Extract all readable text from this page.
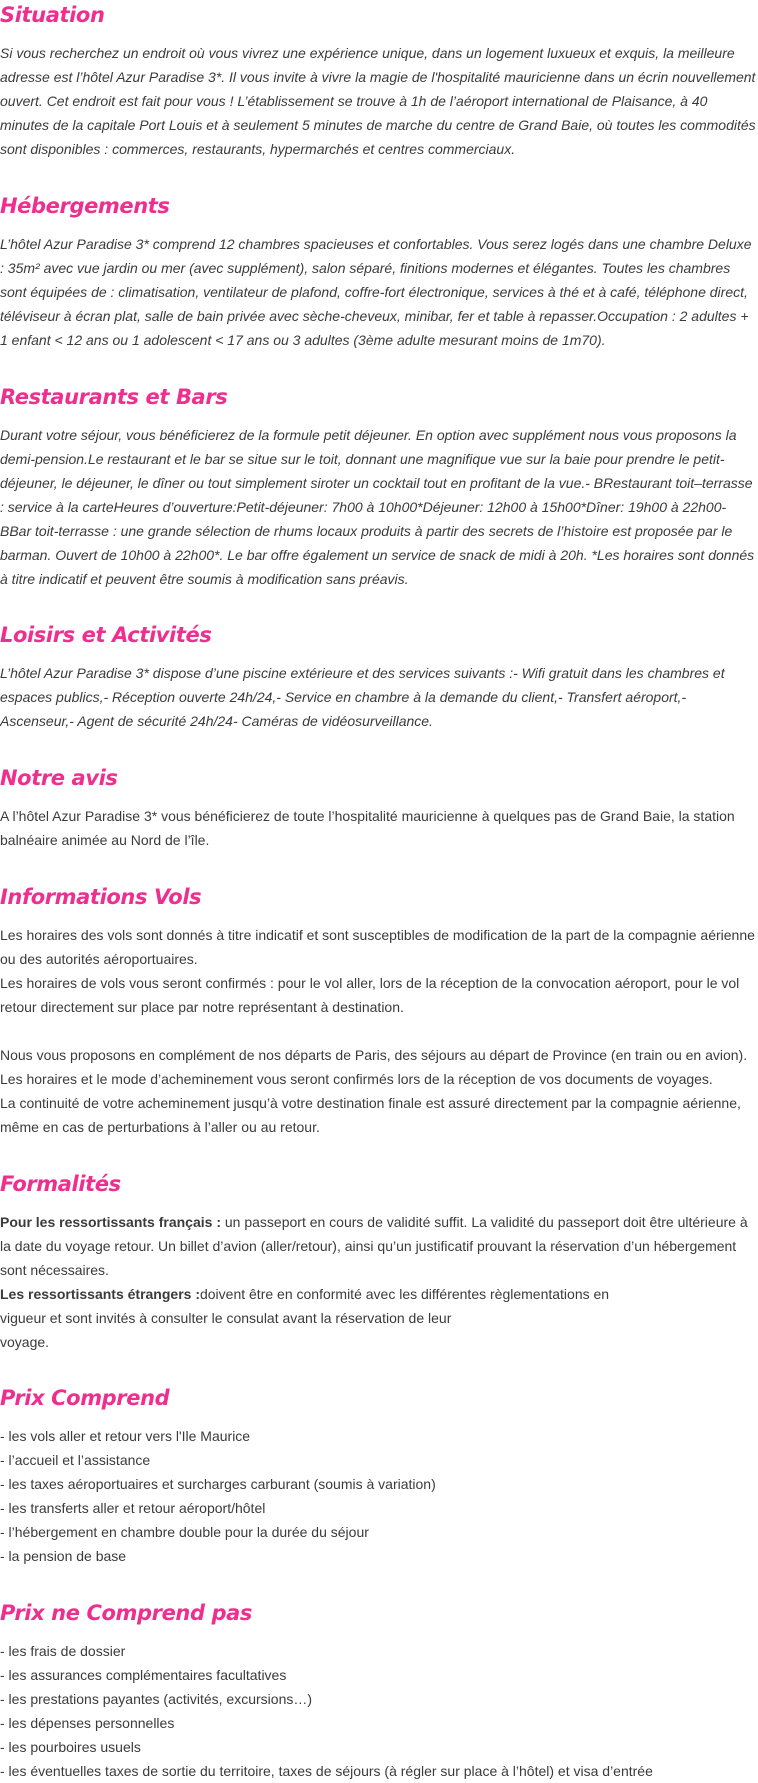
Situation

Si vous recherchez un endroit où vous vivrez une expérience unique, dans un logement luxueux et exquis, la meilleure adresse est l’hôtel Azur Paradise 3*. Il vous invite à vivre la magie de l'hospitalité mauricienne dans un écrin nouvellement ouvert. Cet endroit est fait pour vous ! L’établissement se trouve à 1h de l’aéroport international de Plaisance, à 40 minutes de la capitale Port Louis et à seulement 5 minutes de marche du centre de Grand Baie, où toutes les commodités sont disponibles : commerces, restaurants, hypermarchés et centres commerciaux.

Hébergements

L’hôtel Azur Paradise 3* comprend 12 chambres spacieuses et confortables. Vous serez logés dans une chambre Deluxe : 35m² avec vue jardin ou mer (avec supplément), salon séparé, finitions modernes et élégantes. Toutes les chambres sont équipées de : climatisation, ventilateur de plafond, coffre-fort électronique, services à thé et à café, téléphone direct, téléviseur à écran plat, salle de bain privée avec sèche-cheveux, minibar, fer et table à repasser.Occupation : 2 adultes + 1 enfant < 12 ans ou 1 adolescent < 17 ans ou 3 adultes (3ème adulte mesurant moins de 1m70).

Restaurants et Bars

Durant votre séjour, vous bénéficierez de la formule petit déjeuner. En option avec supplément nous vous proposons la demi-pension.Le restaurant et le bar se situe sur le toit, donnant une magnifique vue sur la baie pour prendre le petit-déjeuner, le déjeuner, le dîner ou tout simplement siroter un cocktail tout en profitant de la vue.- BRestaurant toit–terrasse : service à la carteHeures d’ouverture:Petit-déjeuner: 7h00 à 10h00*Déjeuner: 12h00 à 15h00*Dîner: 19h00 à 22h00- BBar toit-terrasse : une grande sélection de rhums locaux produits à partir des secrets de l’histoire est proposée par le barman. Ouvert de 10h00 à 22h00*. Le bar offre également un service de snack de midi à 20h. *Les horaires sont donnés à titre indicatif et peuvent être soumis à modification sans préavis.

Loisirs et Activités

L’hôtel Azur Paradise 3* dispose d’une piscine extérieure et des services suivants :- Wifi gratuit dans les chambres et espaces publics,- Réception ouverte 24h/24,- Service en chambre à la demande du client,- Transfert aéroport,- Ascenseur,- Agent de sécurité 24h/24- Caméras de vidéosurveillance.

Notre avis

A l’hôtel Azur Paradise 3* vous bénéficierez de toute l’hospitalité mauricienne à quelques pas de Grand Baie, la station balnéaire animée au Nord de l’île.

Informations Vols

Les horaires des vols sont donnés à titre indicatif et sont susceptibles de modification de la part de la compagnie aérienne ou des autorités aéroportuaires.

Les horaires de vols vous seront confirmés : pour le vol aller, lors de la réception de la convocation aéroport, pour le vol retour directement sur place par notre représentant à destination.

Nous vous proposons en complément de nos départs de Paris, des séjours au départ de Province (en train ou en avion).

Les horaires et le mode d’acheminement vous seront confirmés lors de la réception de vos documents de voyages.

La continuité de votre acheminement jusqu’à votre destination finale est assuré directement par la compagnie aérienne, même en cas de perturbations à l’aller ou au retour.

Formalités

Pour les ressortissants français : un passeport en cours de validité suffit. La validité du passeport doit être ultérieure à la date du voyage retour. Un billet d’avion (aller/retour), ainsi qu’un justificatif prouvant la réservation d’un hébergement sont nécessaires.

Les ressortissants étrangers :doivent être en conformité avec les différentes règlementations en vigueur et sont invités à consulter le consulat avant la réservation de leur

voyage.

Prix Comprend
- les vols aller et retour vers l'Ile Maurice
- l’accueil et l’assistance
- les taxes aéroportuaires et surcharges carburant (soumis à variation)
- les transferts aller et retour aéroport/hôtel
- l’hébergement en chambre double pour la durée du séjour
- la pension de base
Prix ne Comprend pas
- les frais de dossier
- les assurances complémentaires facultatives
- les prestations payantes (activités, excursions…)
- les dépenses personnelles
- les pourboires usuels
- les éventuelles taxes de sortie du territoire, taxes de séjours (à régler sur place à l’hôtel) et visa d’entrée
